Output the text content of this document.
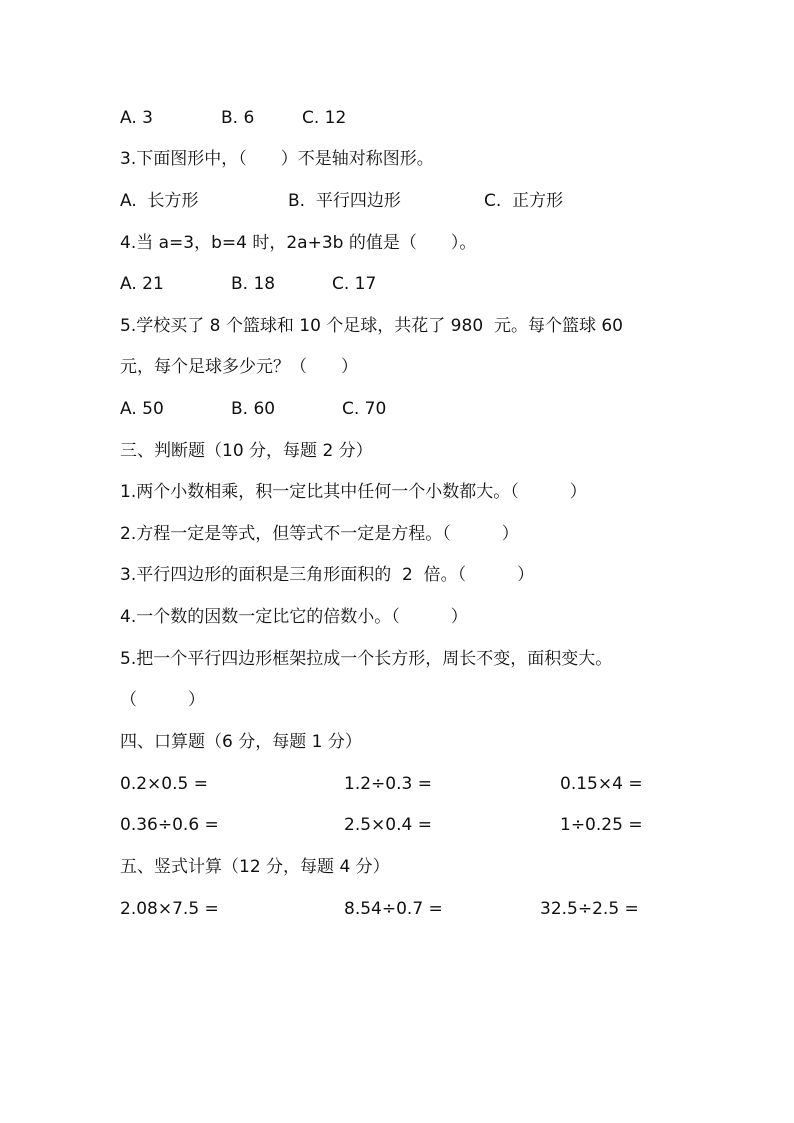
A. 3	B. 6	C. 12
3.下面图形中，（　　）不是轴对称图形。
A.  长方形	B.  平行四边形	C.  正方形
4.当 a=3，b=4 时，2a+3b 的值是（　　）。
A. 21	B. 18	C. 17
5.学校买了 8 个篮球和 10 个足球，共花了 980  元。每个篮球 60
元，每个足球多少元？（　　）
A. 50	B. 60	C. 70
三、判断题（10 分，每题 2 分）
1.两个小数相乘，积一定比其中任何一个小数都大。（　　　）
2.方程一定是等式，但等式不一定是方程。（　　　）
3.平行四边形的面积是三角形面积的  2  倍。（　　　）
4.一个数的因数一定比它的倍数小。（　　　）
5.把一个平行四边形框架拉成一个长方形，周长不变，面积变大。
（　　　）
四、口算题（6 分，每题 1 分）
0.2×0.5 =	1.2÷0.3 =	0.15×4 =
0.36÷0.6 =	2.5×0.4 =	1÷0.25 =
五、竖式计算（12 分，每题 4 分）
2.08×7.5 =	8.54÷0.7 =	32.5÷2.5 =
